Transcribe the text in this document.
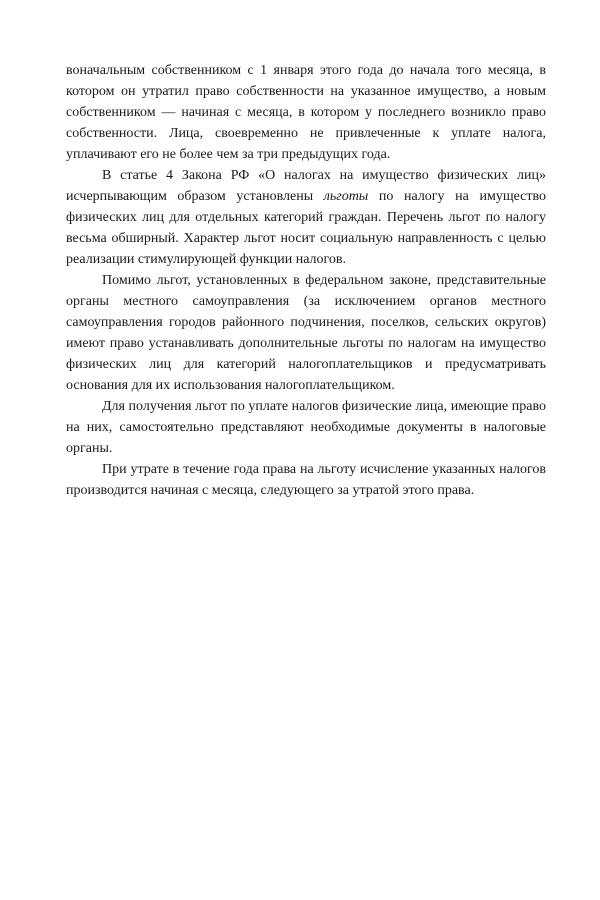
воначальным собственником с 1 января этого года до начала того месяца, в котором он утратил право собственности на указанное имущество, а новым собственником — начиная с месяца, в котором у последнего возникло право собственности. Лица, своевременно не привлеченные к уплате налога, уплачивают его не более чем за три предыдущих года.

В статье 4 Закона РФ «О налогах на имущество физических лиц» исчерпывающим образом установлены льготы по налогу на имущество физических лиц для отдельных категорий граждан. Перечень льгот по налогу весьма обширный. Характер льгот носит социальную направленность с целью реализации стимулирующей функции налогов.

Помимо льгот, установленных в федеральном законе, представительные органы местного самоуправления (за исключением органов местного самоуправления городов районного подчинения, поселков, сельских округов) имеют право устанавливать дополнительные льготы по налогам на имущество физических лиц для категорий налогоплательщиков и предусматривать основания для их использования налогоплательщиком.

Для получения льгот по уплате налогов физические лица, имеющие право на них, самостоятельно представляют необходимые документы в налоговые органы.

При утрате в течение года права на льготу исчисление указанных налогов производится начиная с месяца, следующего за утратой этого права.
